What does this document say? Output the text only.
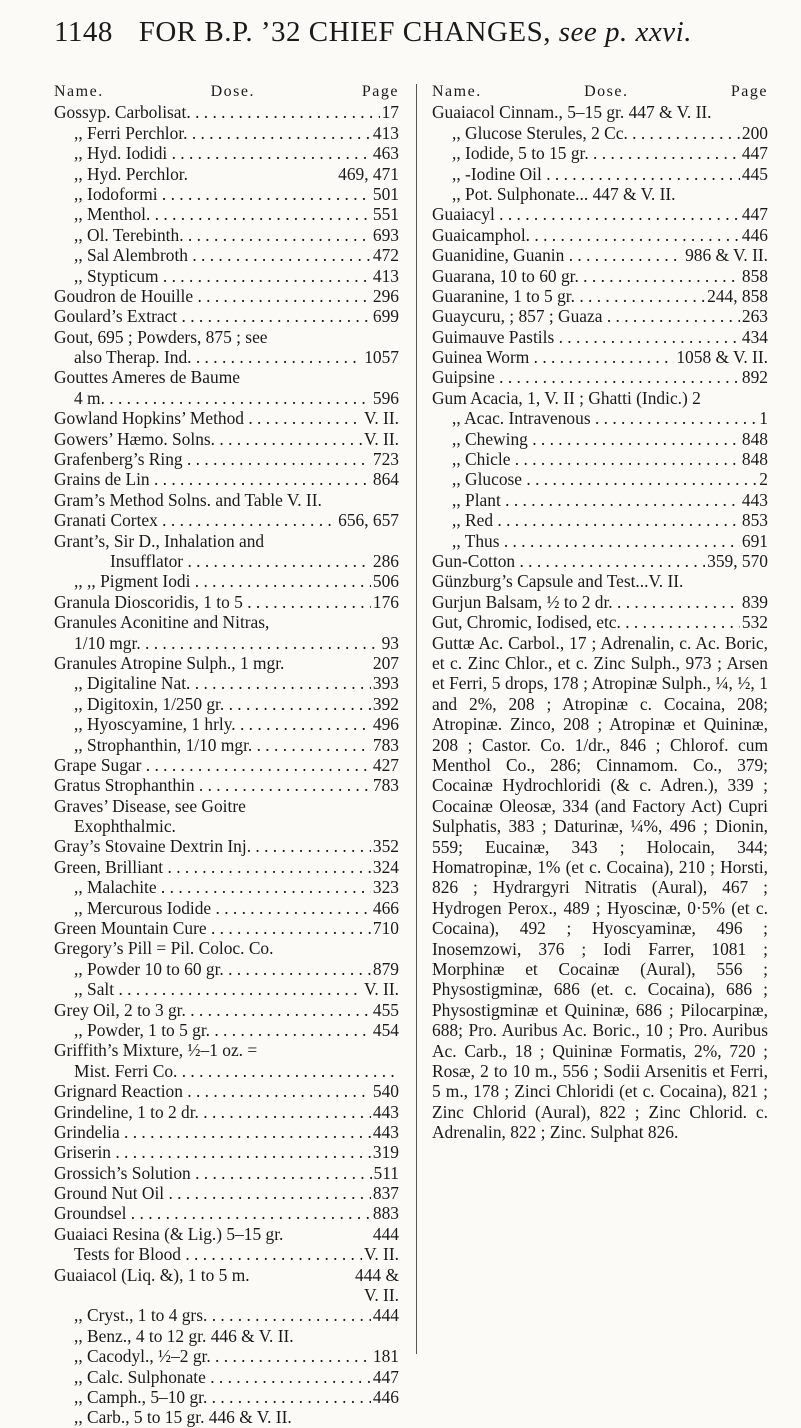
1148 FOR B.P. ’32 CHIEF CHANGES, see p. xxvi.
Name.	Dose.	Page
Gossyp. Carbolisat. . . .	17
,, Ferri Perchlor. . . .	413
,, Hyd. Iodidi . . .	463
,, Hyd. Perchlor.	469, 471
,, Iodoformi . . .	501
,, Menthol. . . .	551
,, Ol. Terebinth. . . .	693
,, Sal Alembroth . . .	472
,, Stypticum . . .	413
Goudron de Houille . . .	296
Goulard’s Extract . . .	699
Gout, 695 ; Powders, 875 ; see
also Therap. Ind. . . .	1057
Gouttes Ameres de Baume
4 m. . . .	596
Gowland Hopkins’ Method . . .	V. II.
Gowers’ Hæmo. Solns. . . .	V. II.
Grafenberg’s Ring . . .	723
Grains de Lin . . .	864
Gram’s Method Solns. and Table V. II.
Granati Cortex . . .	656, 657
Grant’s, Sir D., Inhalation and
Insufflator . . .	286
,, ,, Pigment Iodi . . .	506
Granula Dioscoridis, 1 to 5 . . .	176
Granules Aconitine and Nitras,
1/10 mgr. . . .	93
Granules Atropine Sulph., 1 mgr.	207
,, Digitaline Nat. . . .	393
,, Digitoxin, 1/250 gr. . . .	392
,, Hyoscyamine, 1 hrly. . . .	496
,, Strophanthin, 1/10 mgr. . . .	783
Grape Sugar . . .	427
Gratus Strophanthin . . .	783
Graves’ Disease, see Goitre
Exophthalmic.
Gray’s Stovaine Dextrin Inj. . . .	352
Green, Brilliant . . .	324
,, Malachite . . .	323
,, Mercurous Iodide . . .	466
Green Mountain Cure . . .	710
Gregory’s Pill = Pil. Coloc. Co.
,, Powder 10 to 60 gr. . . .	879
,, Salt . . .	V. II.
Grey Oil, 2 to 3 gr. . . .	455
,, Powder, 1 to 5 gr. . . .	454
Griffith’s Mixture, ½–1 oz. =
Mist. Ferri Co.
. . .
Grignard Reaction . . .	540
Grindeline, 1 to 2 dr. . . .	443
Grindelia . . .	443
Griserin . . .	319
Grossich’s Solution . . .	511
Ground Nut Oil . . .	837
Groundsel . . .	883
Guaiaci Resina (& Lig.) 5–15 gr.	444
Tests for Blood . . .	V. II.
Guaiacol (Liq. &), 1 to 5 m.	444 &
V. II.
,, Cryst., 1 to 4 grs. . . .	444
,, Benz., 4 to 12 gr. 446 & V. II.
,, Cacodyl., ½–2 gr. . . .	181
,, Calc. Sulphonate . . .	447
,, Camph., 5–10 gr. . . .	446
,, Carb., 5 to 15 gr. 446 & V. II.
Name.	Dose.	Page
Guaiacol Cinnam., 5–15 gr. 447 & V. II.
,, Glucose Sterules, 2 Cc. . . .	200
,, Iodide, 5 to 15 gr. . . .	447
,, -Iodine Oil . . .	445
,, Pot. Sulphonate... 447 & V. II.
Guaiacyl . . .	447
Guaicamphol. . . .	446
Guanidine, Guanin . . .	986 & V. II.
Guarana, 10 to 60 gr. . . .	858
Guaranine, 1 to 5 gr. . . .	244, 858
Guaycuru, ; 857 ; Guaza . . .	263
Guimauve Pastils . . .	434
Guinea Worm . . .	1058 & V. II.
Guipsine . . .	892
Gum Acacia, 1, V. II ; Ghatti (Indic.) 2
,, Acac. Intravenous . . .	1
,, Chewing . . .	848
,, Chicle . . .	848
,, Glucose . . .	2
,, Plant . . .	443
,, Red . . .	853
,, Thus . . .	691
Gun-Cotton . . .	359, 570
Günzburg’s Capsule and Test...V. II.
Gurjun Balsam, ½ to 2 dr. . . .	839
Gut, Chromic, Iodised, etc. . . .	532
Guttæ Ac. Carbol., 17 ; Adrenalin, c. Ac. Boric, et c. Zinc Chlor., et c. Zinc Sulph., 973 ; Arsen et Ferri, 5 drops, 178 ; Atropinæ Sulph., ¼, ½, 1 and 2%, 208 ; Atropinæ c. Cocaina, 208; Atropinæ. Zinco, 208 ; Atropinæ et Quininæ, 208 ; Castor. Co. 1/dr., 846 ; Chlorof. cum Menthol Co., 286; Cinnamom. Co., 379; Cocainæ Hydrochloridi (& c. Adren.), 339 ; Cocainæ Oleosæ, 334 (and Factory Act) Cupri Sulphatis, 383 ; Daturinæ, ¼%, 496 ; Dionin, 559; Eucainæ, 343 ; Holocain, 344; Homatropinæ, 1% (et c. Cocaina), 210 ; Horsti, 826 ; Hydrargyri Nitratis (Aural), 467 ; Hydrogen Perox., 489 ; Hyoscinæ, 0·5% (et c. Cocaina), 492 ; Hyoscyaminæ, 496 ; Inosemzowi, 376 ; Iodi Farrer, 1081 ; Morphinæ et Cocainæ (Aural), 556 ; Physostigminæ, 686 (et. c. Cocaina), 686 ; Physostigminæ et Quininæ, 686 ; Pilocarpinæ, 688; Pro. Auribus Ac. Boric., 10 ; Pro. Auribus Ac. Carb., 18 ; Quininæ Formatis, 2%, 720 ; Rosæ, 2 to 10 m., 556 ; Sodii Arsenitis et Ferri, 5 m., 178 ; Zinci Chloridi (et c. Cocaina), 821 ; Zinc Chlorid (Aural), 822 ; Zinc Chlorid. c. Adrenalin, 822 ; Zinc. Sulphat 826.
